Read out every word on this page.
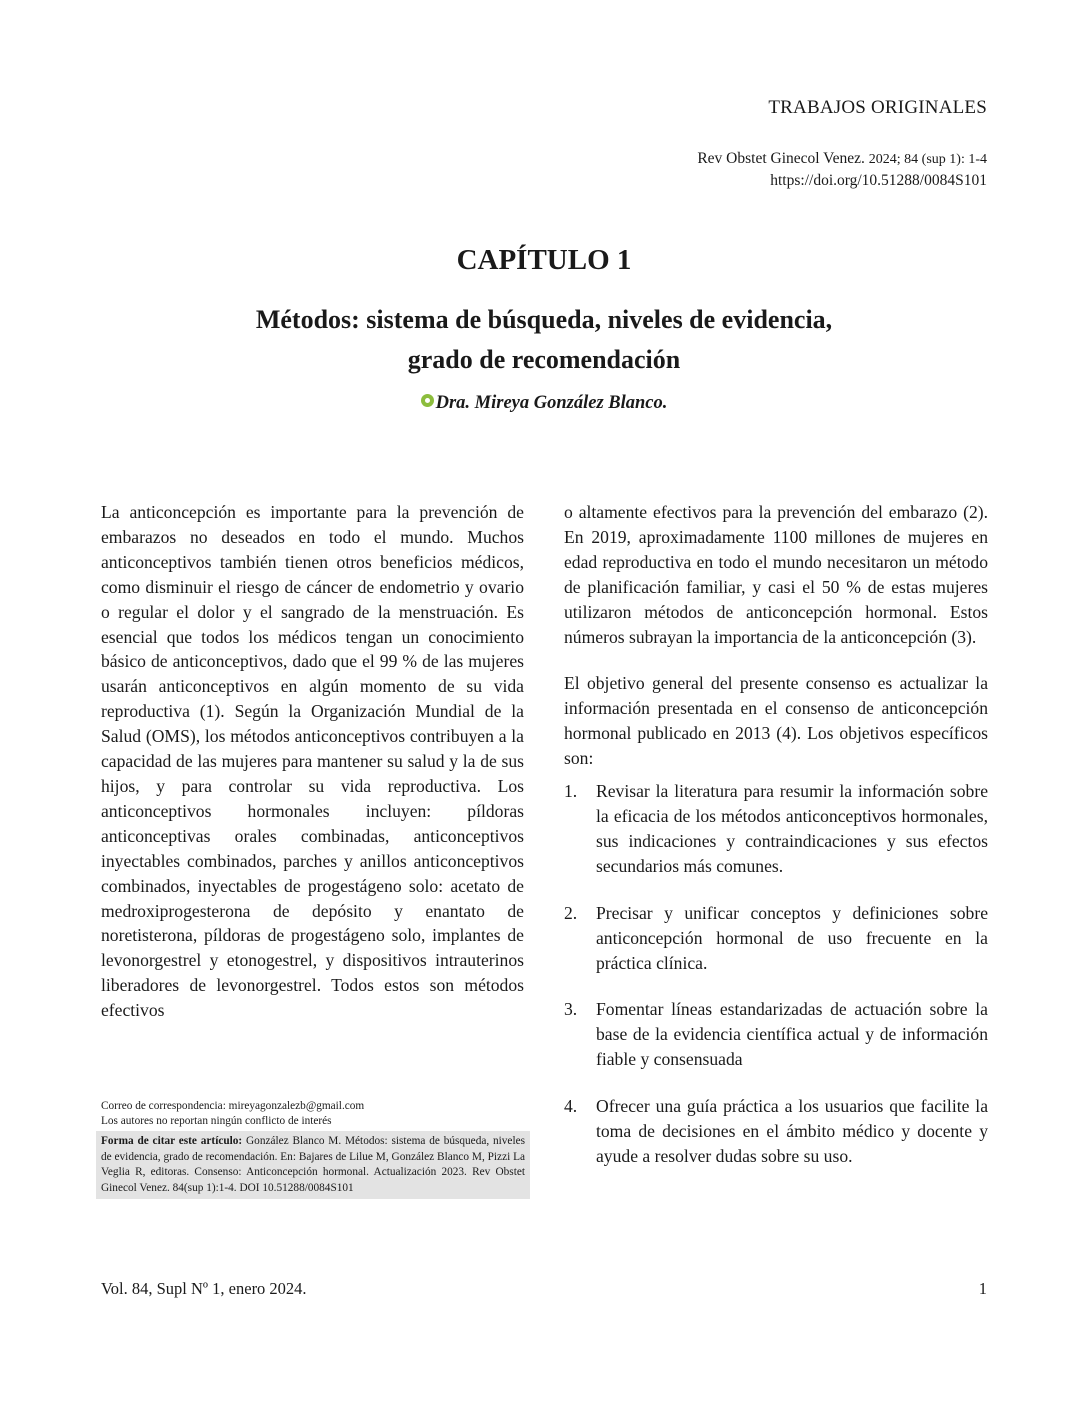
TRABAJOS ORIGINALES
Rev Obstet Ginecol Venez. 2024; 84 (sup 1): 1-4
https://doi.org/10.51288/0084S101
CAPÍTULO 1
Métodos: sistema de búsqueda, niveles de evidencia,
grado de recomendación
Dra. Mireya González Blanco.

La anticoncepción es importante para la prevención de embarazos no deseados en todo el mundo. Muchos anticonceptivos también tienen otros beneficios médicos, como disminuir el riesgo de cáncer de endometrio y ovario o regular el dolor y el sangrado de la menstruación. Es esencial que todos los médicos tengan un conocimiento básico de anticonceptivos, dado que el 99 % de las mujeres usarán anticonceptivos en algún momento de su vida reproductiva (1). Según la Organización Mundial de la Salud (OMS), los métodos anticonceptivos contribuyen a la capacidad de las mujeres para mantener su salud y la de sus hijos, y para controlar su vida reproductiva. Los anticonceptivos hormonales incluyen: píldoras anticonceptivas orales combinadas, anticonceptivos inyectables combinados, parches y anillos anticonceptivos combinados, inyectables de progestágeno solo: acetato de medroxiprogesterona de depósito y enantato de noretisterona, píldoras de progestágeno solo, implantes de levonorgestrel y etonogestrel, y dispositivos intrauterinos liberadores de levonorgestrel. Todos estos son métodos efectivos

o altamente efectivos para la prevención del embarazo (2). En 2019, aproximadamente 1100 millones de mujeres en edad reproductiva en todo el mundo necesitaron un método de planificación familiar, y casi el 50 % de estas mujeres utilizaron métodos de anticoncepción hormonal. Estos números subrayan la importancia de la anticoncepción (3).

El objetivo general del presente consenso es actualizar la información presentada en el consenso de anticoncepción hormonal publicado en 2013 (4). Los objetivos específicos son:

1.	Revisar la literatura para resumir la información sobre la eficacia de los métodos anticonceptivos hormonales, sus indicaciones y contraindicaciones y sus efectos secundarios más comunes.
2.	Precisar y unificar conceptos y definiciones sobre anticoncepción hormonal de uso frecuente en la práctica clínica.
3.	Fomentar líneas estandarizadas de actuación sobre la base de la evidencia científica actual y de información fiable y consensuada
4.	Ofrecer una guía práctica a los usuarios que facilite la toma de decisiones en el ámbito médico y docente y ayude a resolver dudas sobre su uso.
Correo de correspondencia: mireyagonzalezb@gmail.com
Los autores no reportan ningún conflicto de interés
Forma de citar este artículo: González Blanco M. Métodos: sistema de búsqueda, niveles de evidencia, grado de recomendación. En: Bajares de Lilue M, González Blanco M, Pizzi La Veglia R, editoras. Consenso: Anticoncepción hormonal. Actualización 2023. Rev Obstet Ginecol Venez. 84(sup 1):1-4. DOI 10.51288/0084S101
Vol. 84, Supl Nº 1, enero 2024.	1
